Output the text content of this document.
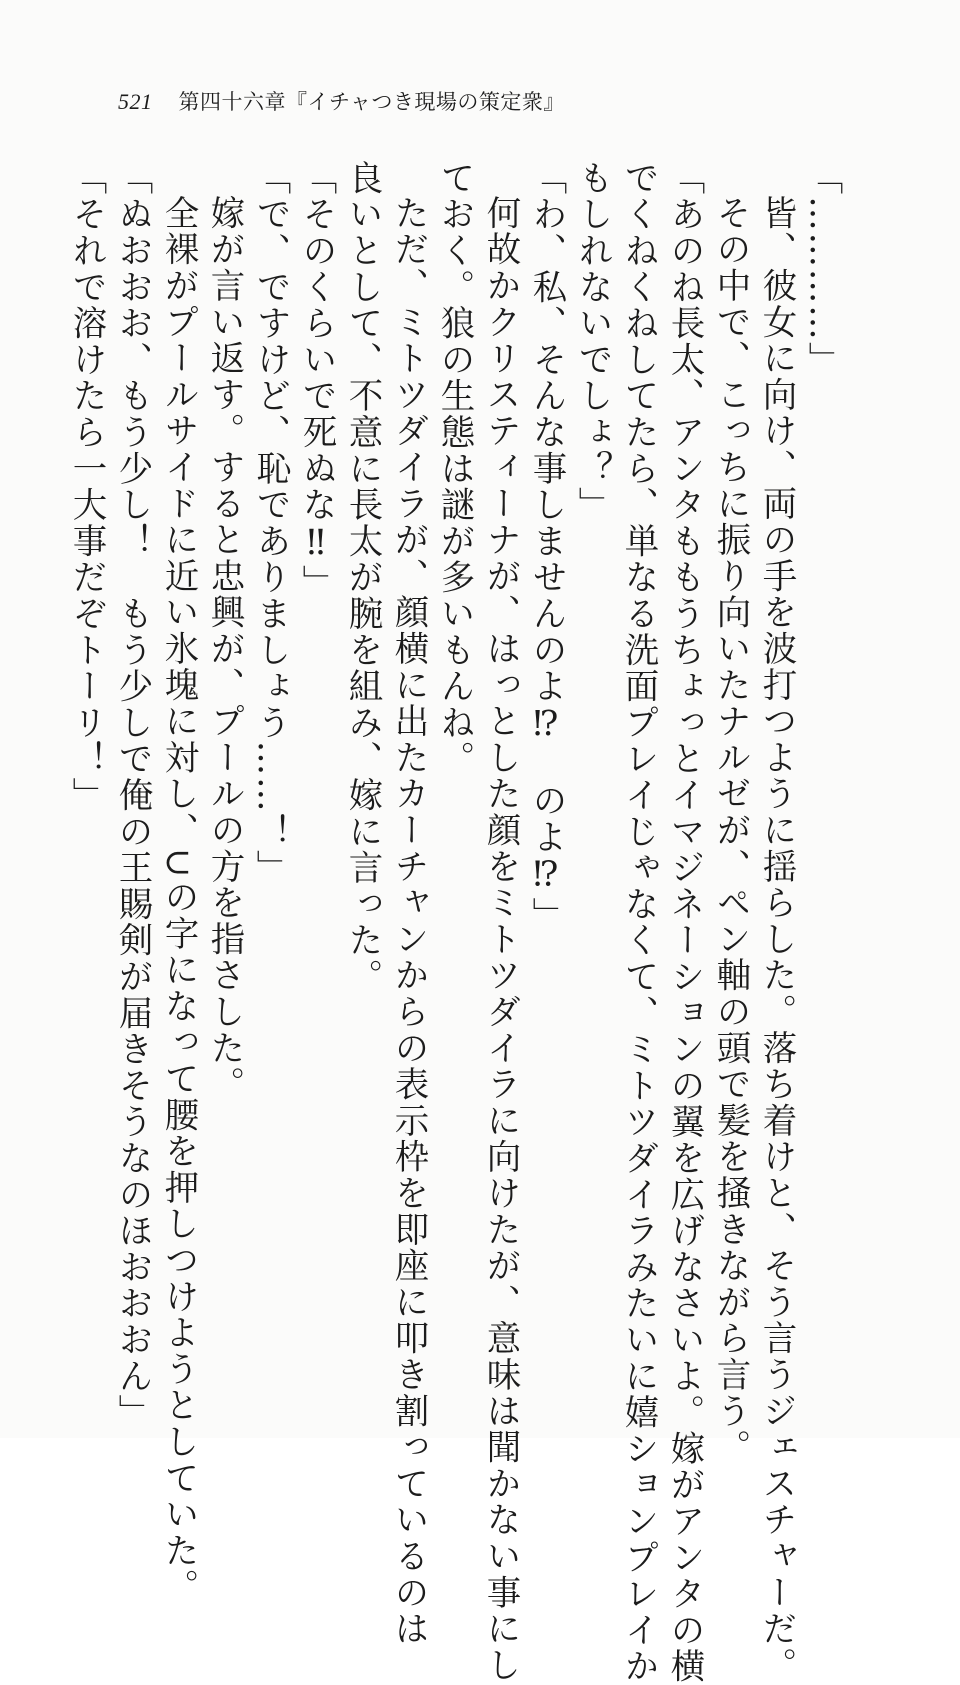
521 第四十六章『イチャつき現場の策定衆』
「…………」
皆、彼女に向け、両の手を波打つように揺らした。落ち着けと、そう言うジェスチャーだ。
その中で、こっちに振り向いたナルゼが、ペン軸の頭で髪を掻きながら言う。
「あのね長太、アンタももうちょっとイマジネーションの翼を広げなさいよ。嫁がアンタの横
でくねくねしてたら、単なる洗面プレイじゃなくて、ミトツダイラみたいに嬉ションプレイか
もしれないでしょ？」
「わ、私、そんな事しませんのよ⁉　のよ⁉」
何故かクリスティーナが、はっとした顔をミトツダイラに向けたが、意味は聞かない事にし
ておく。狼の生態は謎が多いもんね。
ただ、ミトツダイラが、顔横に出たカーチャンからの表示枠を即座に叩き割っているのは
良いとして、不意に長太が腕を組み、嫁に言った。
「そのくらいで死ぬな‼」
「で、ですけど、恥でありましょう……！」
嫁が言い返す。すると忠興が、プールの方を指さした。
全裸がプールサイドに近い氷塊に対し、∪の字になって腰を押しつけようとしていた。
「ぬおおお、もう少し！　もう少しで俺の王賜剣が届きそうなのほおおおん」
「それで溶けたら一大事だぞトーリ！」
